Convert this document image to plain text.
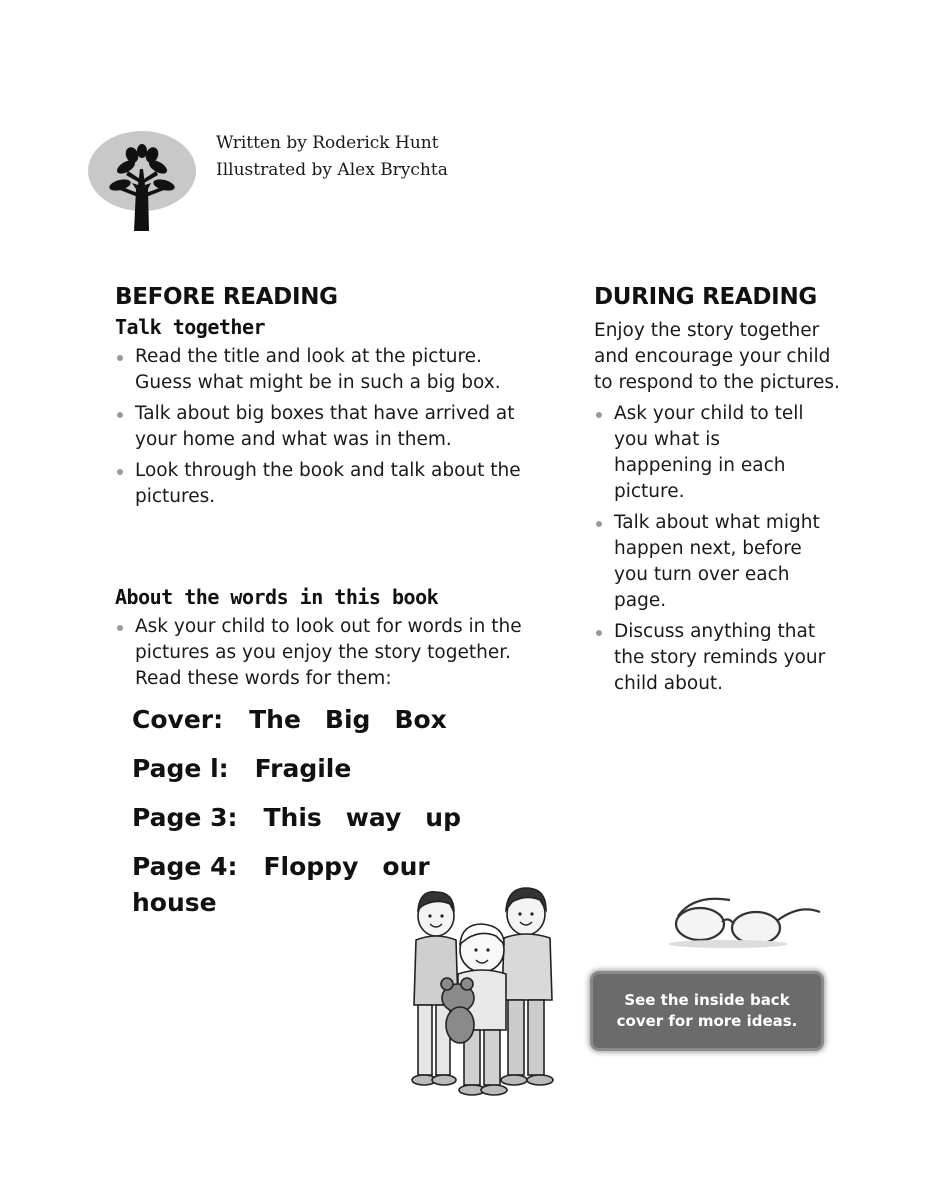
Written by Roderick Hunt
Illustrated by Alex Brychta
BEFORE READING
Talk together
Read the title and look at the picture. Guess what might be in such a big box.
Talk about big boxes that have arrived at your home and what was in them.
Look through the book and talk about the pictures.
About the words in this book
Ask your child to look out for words in the pictures as you enjoy the story together. Read these words for them:
Cover: The Big Box
Page l: Fragile
Page 3: This way up
Page 4: Floppy our
house
DURING READING

Enjoy the story together and encourage your child to respond to the pictures.

Ask your child to tell you what is happening in each picture.
Talk about what might happen next, before you turn over each page.
Discuss anything that the story reminds your child about.
See the inside back cover for more ideas.
